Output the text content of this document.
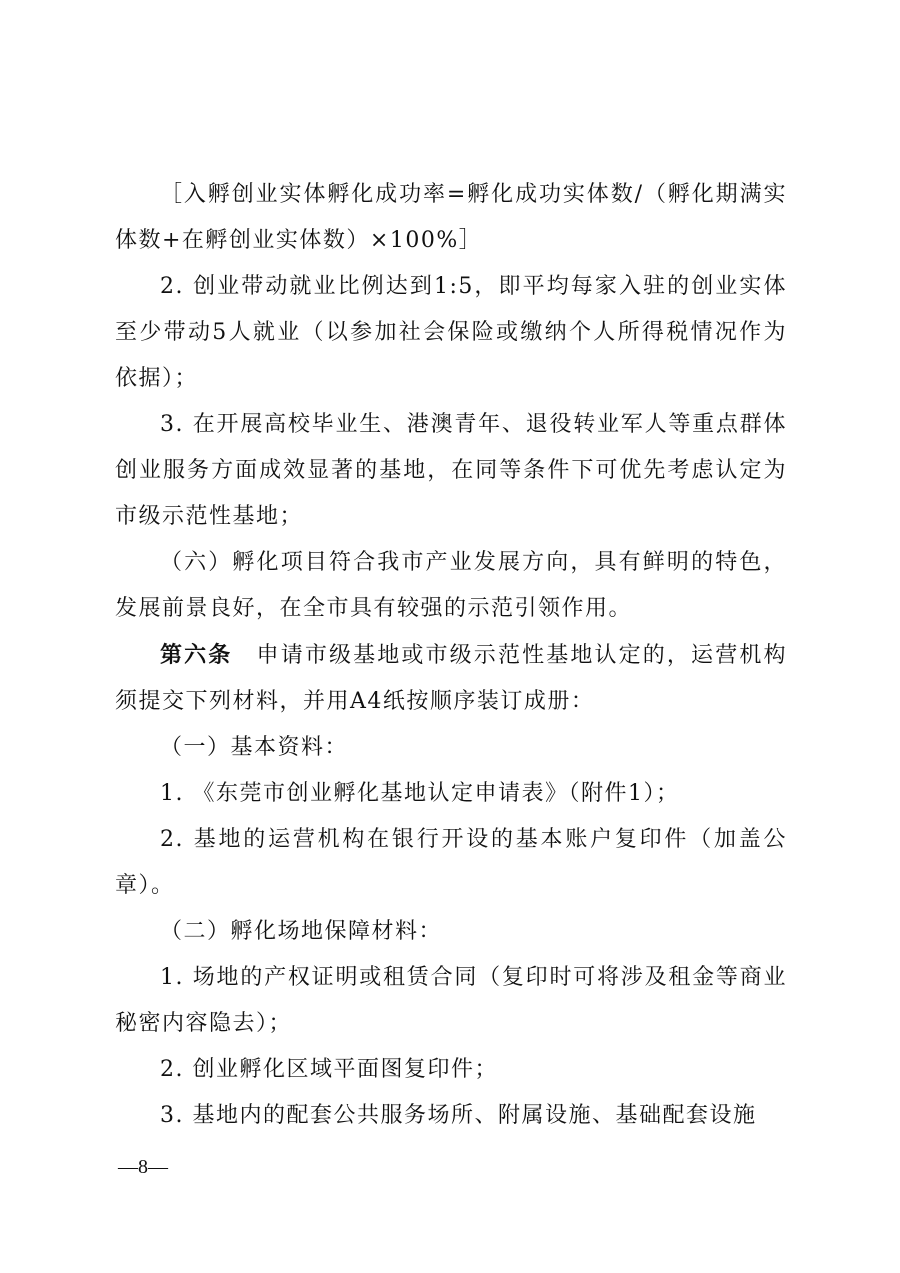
［入孵创业实体孵化成功率=孵化成功实体数/（孵化期满实体数+在孵创业实体数）×100%］

2. 创业带动就业比例达到1:5，即平均每家入驻的创业实体至少带动5人就业（以参加社会保险或缴纳个人所得税情况作为依据）；

3. 在开展高校毕业生、港澳青年、退役转业军人等重点群体创业服务方面成效显著的基地，在同等条件下可优先考虑认定为市级示范性基地；

（六）孵化项目符合我市产业发展方向，具有鲜明的特色，发展前景良好，在全市具有较强的示范引领作用。

第六条　申请市级基地或市级示范性基地认定的，运营机构须提交下列材料，并用A4纸按顺序装订成册：

（一）基本资料：

1. 《东莞市创业孵化基地认定申请表》（附件1）；

2. 基地的运营机构在银行开设的基本账户复印件（加盖公章）。

（二）孵化场地保障材料：

1. 场地的产权证明或租赁合同（复印时可将涉及租金等商业秘密内容隐去）；

2. 创业孵化区域平面图复印件；

3. 基地内的配套公共服务场所、附属设施、基础配套设施

—8—
